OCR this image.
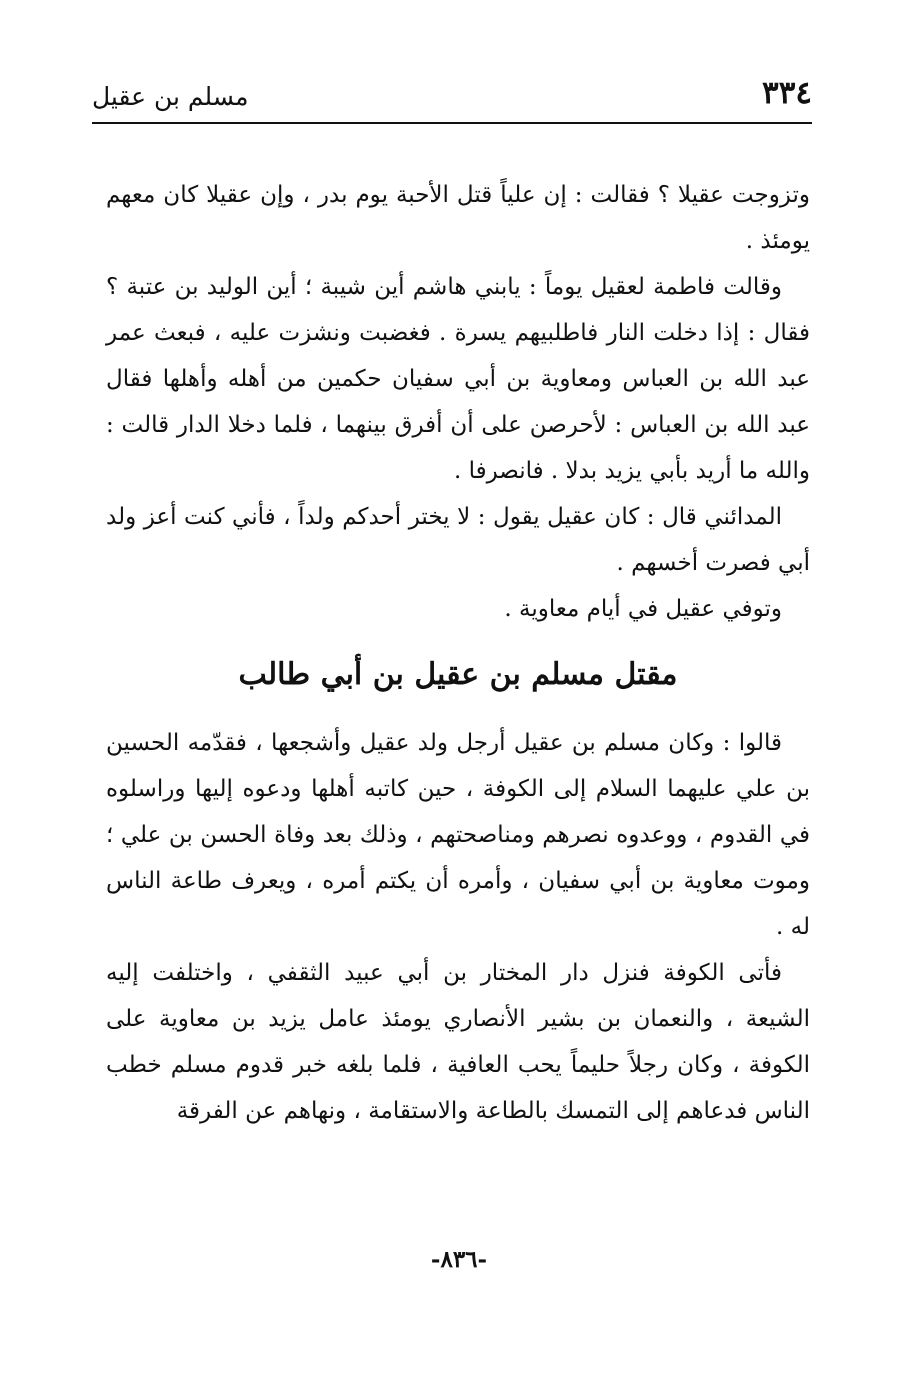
٣٣٤
مسلم بن عقيل

وتزوجت عقيلا ؟ فقالت : إن علياً قتل الأحبة يوم بدر ، وإن عقيلا كان معهم يومئذ .

وقالت فاطمة لعقيل يوماً : يابني هاشم أين شيبة ؛ أين الوليد بن عتبة ؟ فقال : إذا دخلت النار فاطلبيهم يسرة . فغضبت ونشزت عليه ، فبعث عمر عبد الله بن العباس ومعاوية بن أبي سفيان حكمين من أهله وأهلها فقال عبد الله بن العباس : لأحرصن على أن أفرق بينهما ، فلما دخلا الدار قالت : والله ما أريد بأبي يزيد بدلا . فانصرفا .

المدائني قال : كان عقيل يقول : لا يختر أحدكم ولداً ، فأني كنت أعز ولد أبي فصرت أخسهم .

وتوفي عقيل في أيام معاوية .

مقتل مسلم بن عقيل بن أبي طالب

قالوا : وكان مسلم بن عقيل أرجل ولد عقيل وأشجعها ، فقدّمه الحسين بن علي عليهما السلام إلى الكوفة ، حين كاتبه أهلها ودعوه إليها وراسلوه في القدوم ، ووعدوه نصرهم ومناصحتهم ، وذلك بعد وفاة الحسن بن علي ؛ وموت معاوية بن أبي سفيان ، وأمره أن يكتم أمره ، ويعرف طاعة الناس له .

فأتى الكوفة فنزل دار المختار بن أبي عبيد الثقفي ، واختلفت إليه الشيعة ، والنعمان بن بشير الأنصاري يومئذ عامل يزيد بن معاوية على الكوفة ، وكان رجلاً حليماً يحب العافية ، فلما بلغه خبر قدوم مسلم خطب الناس فدعاهم إلى التمسك بالطاعة والاستقامة ، ونهاهم عن الفرقة

-٨٣٦-
